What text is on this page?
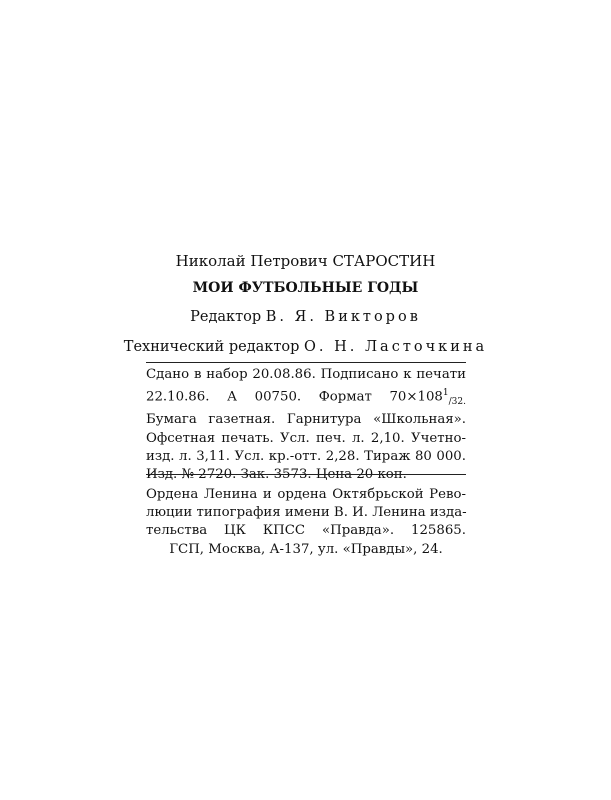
Николай Петрович СТАРОСТИН
МОИ ФУТБОЛЬНЫЕ ГОДЫ
Редактор В. Я. Викторов
Технический редактор О. Н. Ласточкина
Сдано в набор 20.08.86. Подписано к печати
22.10.86. А 00750. Формат $70\times 108^1_{/32.}$
Бумага газетная. Гарнитура «Школьная».
Офсетная печать. Усл. печ. л. 2,10. Учетно-
изд. л. 3,11. Усл. кр.-отт. 2,28. Тираж 80 000.
Изд. № 2720. Зак. 3573. Цена 20 коп.
Ордена Ленина и ордена Октябрьской Рево-
люции типография имени В. И. Ленина изда-
тельства ЦК КПСС «Правда». 125865.
ГСП, Москва, А-137, ул. «Правды», 24.
